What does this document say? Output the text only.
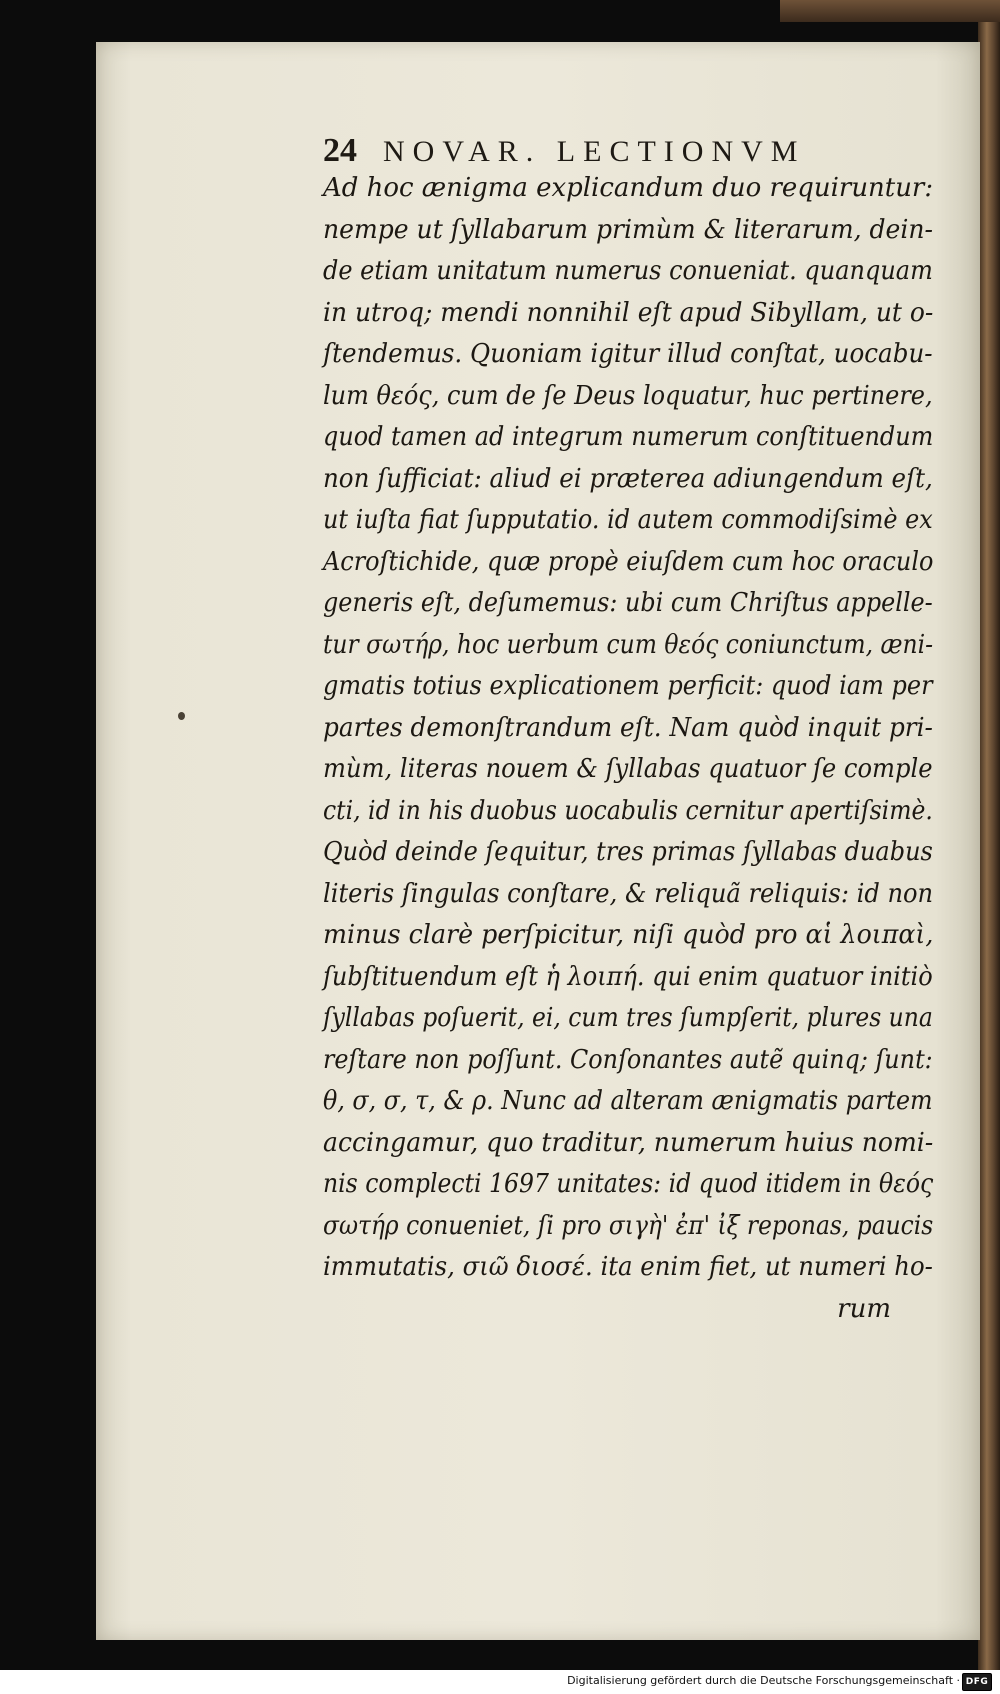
24 NOVAR. LECTIONVM
Ad hoc ænigma explicandum duo requiruntur:
nempe ut ſyllabarum primùm & literarum, dein-
de etiam unitatum numerus conueniat. quanquam
in utroq; mendi nonnihil eſt apud Sibyllam, ut o-
ſtendemus. Quoniam igitur illud conſtat, uocabu-
lum θεός, cum de ſe Deus loquatur, huc pertinere,
quod tamen ad integrum numerum conſtituendum
non ſufficiat: aliud ei præterea adiungendum eſt,
ut iuſta fiat ſupputatio. id autem commodiſsimè ex
Acroſtichide, quæ propè eiuſdem cum hoc oraculo
generis eſt, deſumemus: ubi cum Chriſtus appelle-
tur σωτήρ, hoc uerbum cum θεός coniunctum, æni-
gmatis totius explicationem perficit: quod iam per
partes demonſtrandum eſt. Nam quòd inquit pri-
mùm, literas nouem & ſyllabas quatuor ſe comple
cti, id in his duobus uocabulis cernitur apertiſsimè.
Quòd deinde ſequitur, tres primas ſyllabas duabus
literis ſingulas conſtare, & reliquã reliquis: id non
minus clarè perſpicitur, niſi quòd pro αἱ λοιπαὶ,
ſubſtituendum eſt ἡ λοιπή. qui enim quatuor initiò
ſyllabas poſuerit, ei, cum tres ſumpſerit, plures una
reſtare non poſſunt. Conſonantes autẽ quinq; ſunt:
θ, σ, σ, τ, & ρ. Nunc ad alteram ænigmatis partem
accingamur, quo traditur, numerum huius nomi-
nis complecti 1697 unitates: id quod itidem in θεός
σωτήρ conueniet, ſi pro σιγὴ' ἐπ' ἰξ reponas, paucis
immutatis, σιῶ διοσέ. ita enim fiet, ut numeri ho-
rum
Digitalisierung gefördert durch die Deutsche Forschungsgemeinschaft · DFG
